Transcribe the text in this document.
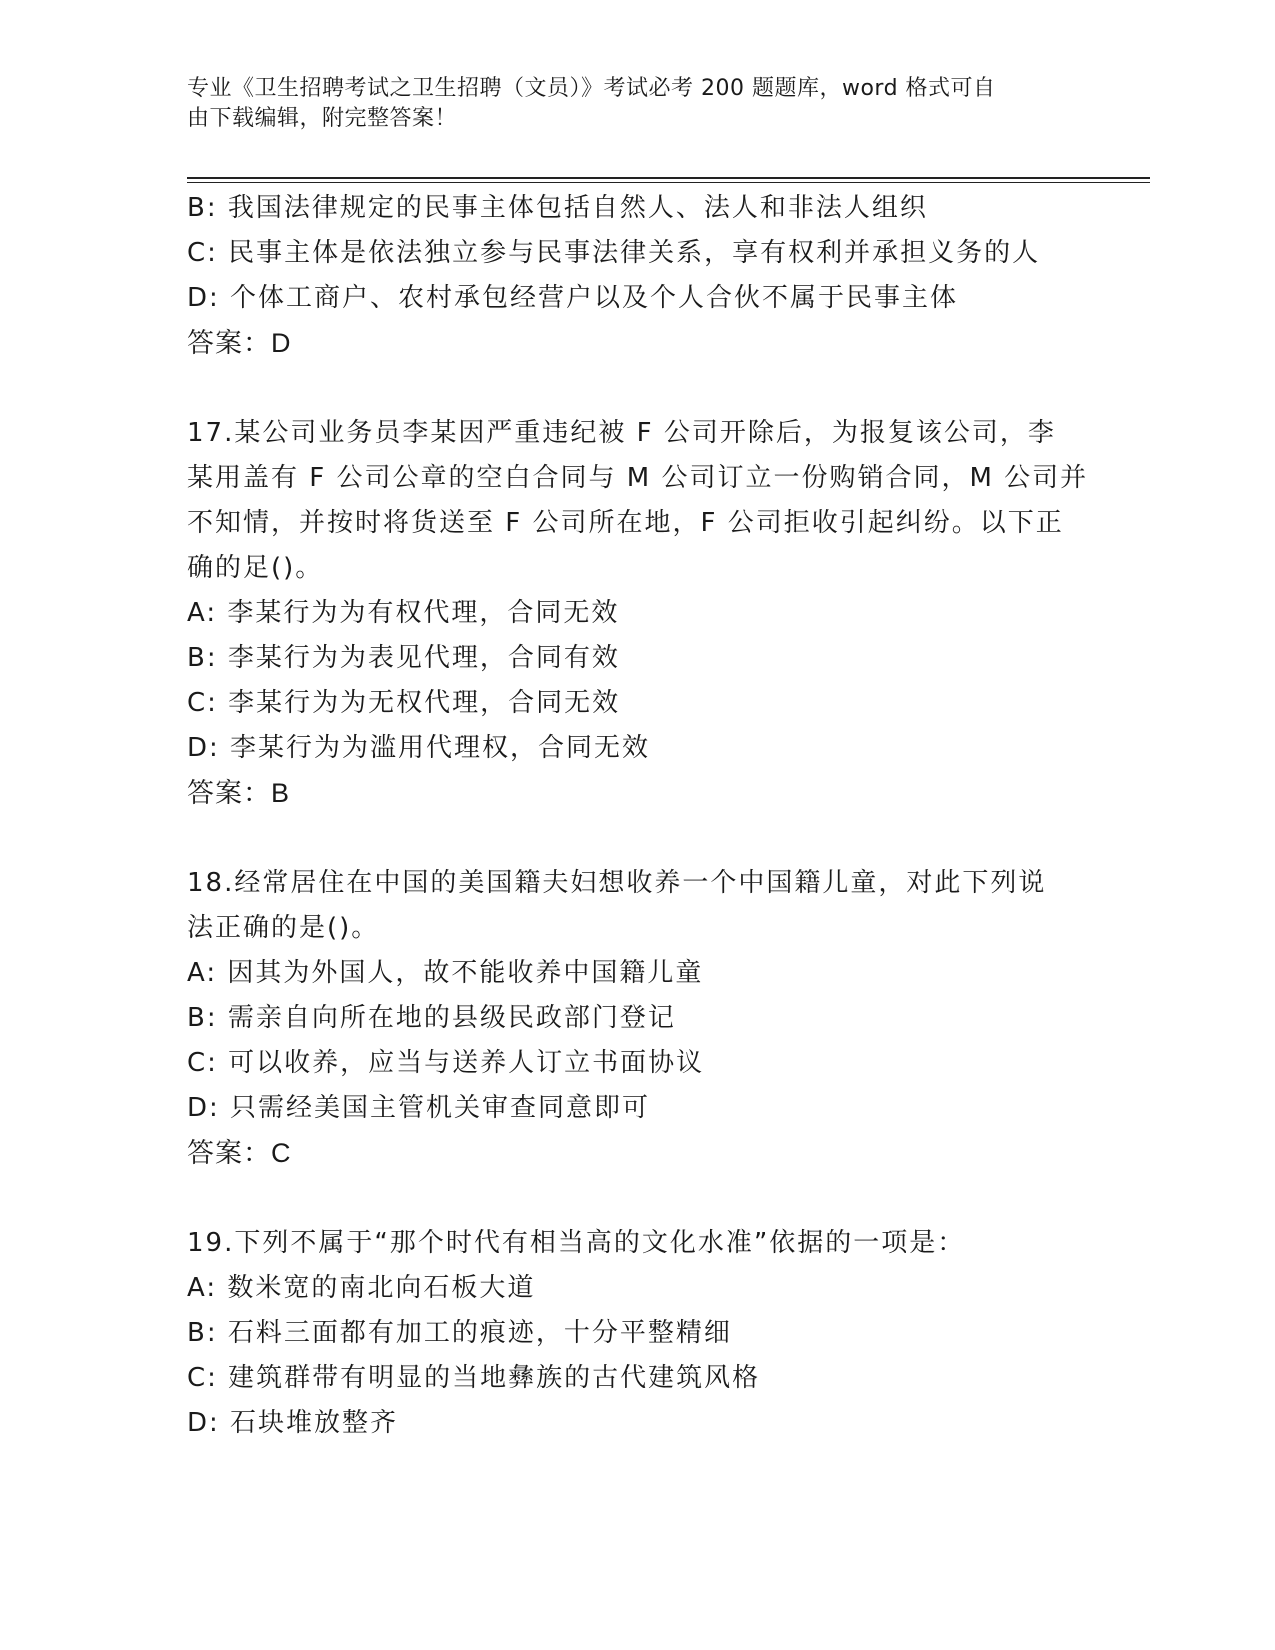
专业《卫生招聘考试之卫生招聘（文员）》考试必考 200 题题库，word 格式可自
由下载编辑，附完整答案！
B: 我国法律规定的民事主体包括自然人、法人和非法人组织
C: 民事主体是依法独立参与民事法律关系，享有权利并承担义务的人
D: 个体工商户、农村承包经营户以及个人合伙不属于民事主体
答案：D
17.某公司业务员李某因严重违纪被 F 公司开除后，为报复该公司，李
某用盖有 F 公司公章的空白合同与 M 公司订立一份购销合同，M 公司并
不知情，并按时将货送至 F 公司所在地，F 公司拒收引起纠纷。以下正
确的足()。
A: 李某行为为有权代理，合同无效
B: 李某行为为表见代理，合同有效
C: 李某行为为无权代理，合同无效
D: 李某行为为滥用代理权，合同无效
答案：B
18.经常居住在中国的美国籍夫妇想收养一个中国籍儿童，对此下列说
法正确的是()。
A: 因其为外国人，故不能收养中国籍儿童
B: 需亲自向所在地的县级民政部门登记
C: 可以收养，应当与送养人订立书面协议
D: 只需经美国主管机关审查同意即可
答案：C
19.下列不属于“那个时代有相当高的文化水准”依据的一项是：
A: 数米宽的南北向石板大道
B: 石料三面都有加工的痕迹，十分平整精细
C: 建筑群带有明显的当地彝族的古代建筑风格
D: 石块堆放整齐
